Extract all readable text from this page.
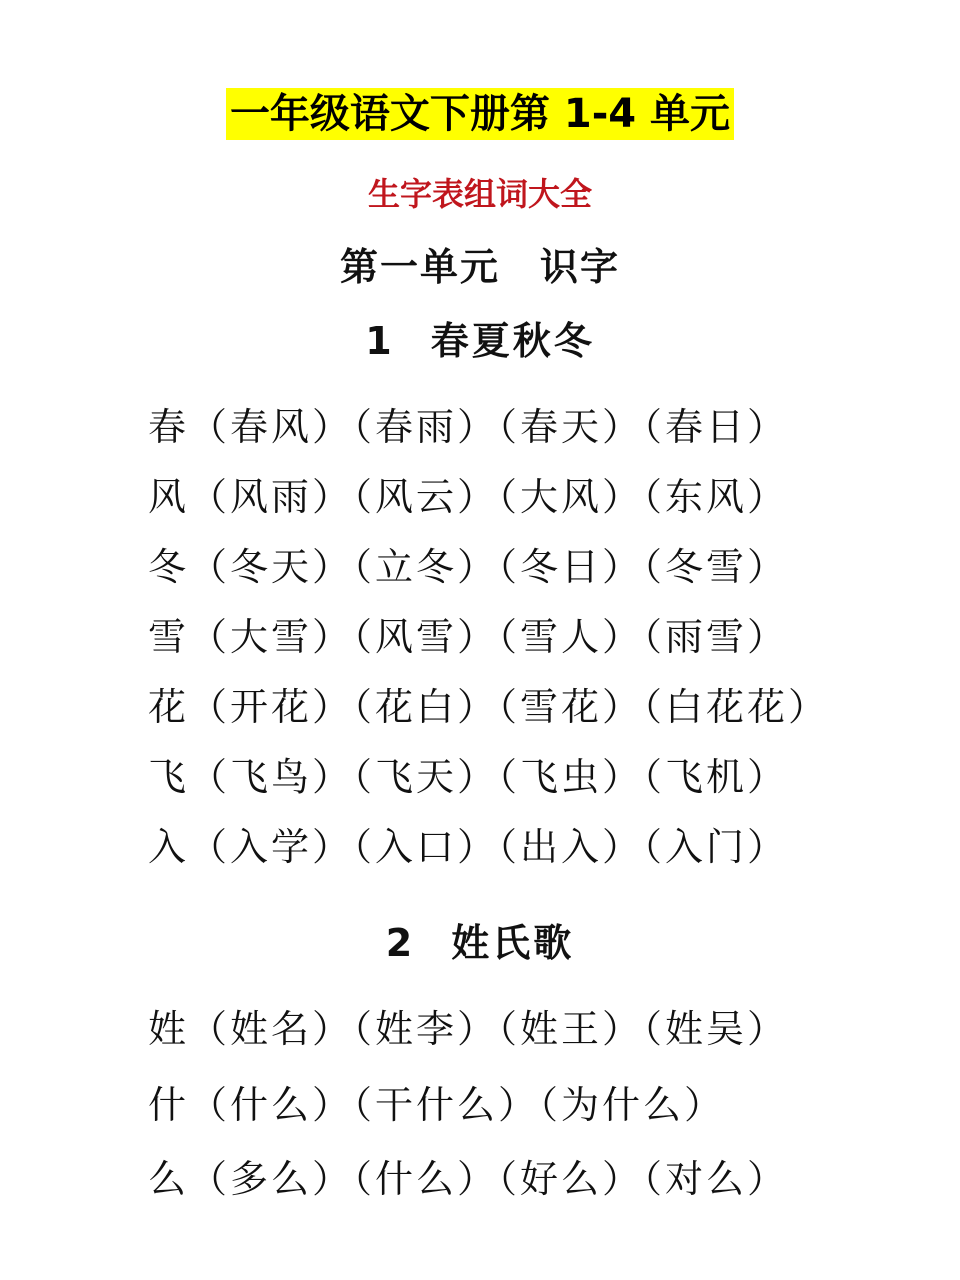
一年级语文下册第 1-4 单元
生字表组词大全
第一单元　识字
1 春夏秋冬
春（春风）（春雨）（春天）（春日）
风（风雨）（风云）（大风）（东风）
冬（冬天）（立冬）（冬日）（冬雪）
雪（大雪）（风雪）（雪人）（雨雪）
花（开花）（花白）（雪花）（白花花）
飞（飞鸟）（飞天）（飞虫）（飞机）
入（入学）（入口）（出入）（入门）
2 姓氏歌
姓（姓名）（姓李）（姓王）（姓吴）
什（什么）（干什么）（为什么）
么（多么）（什么）（好么）（对么）
